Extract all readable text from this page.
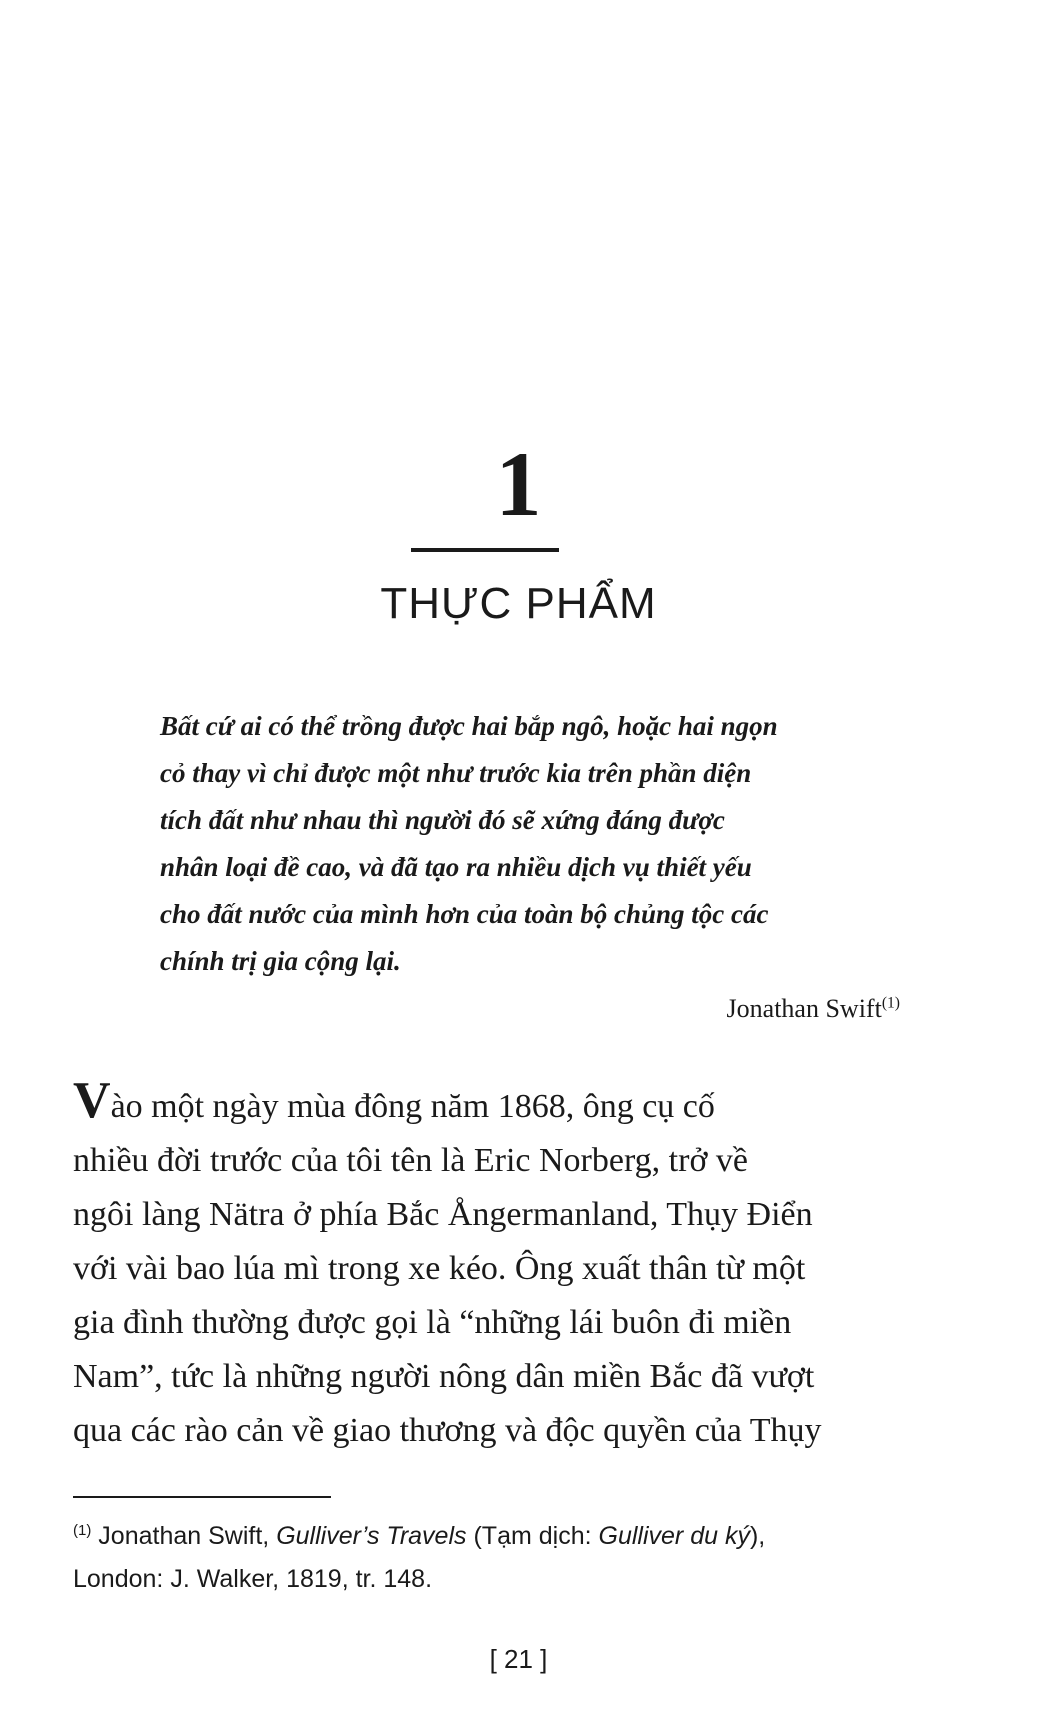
1
THỰC PHẨM
Bất cứ ai có thể trồng được hai bắp ngô, hoặc hai ngọn
cỏ thay vì chỉ được một như trước kia trên phần diện
tích đất như nhau thì người đó sẽ xứng đáng được
nhân loại đề cao, và đã tạo ra nhiều dịch vụ thiết yếu
cho đất nước của mình hơn của toàn bộ chủng tộc các
chính trị gia cộng lại.
Jonathan Swift$^{(1)}$
Vào một ngày mùa đông năm 1868, ông cụ cố
nhiều đời trước của tôi tên là Eric Norberg, trở về
ngôi làng Nätra ở phía Bắc Ångermanland, Thụy Điển
với vài bao lúa mì trong xe kéo. Ông xuất thân từ một
gia đình thường được gọi là “những lái buôn đi miền
Nam”, tức là những người nông dân miền Bắc đã vượt
qua các rào cản về giao thương và độc quyền của Thụy
$^{(1)}$ Jonathan Swift, Gulliver’s Travels (Tạm dịch: Gulliver du ký),
London: J. Walker, 1819, tr. 148.
[ 21 ]
